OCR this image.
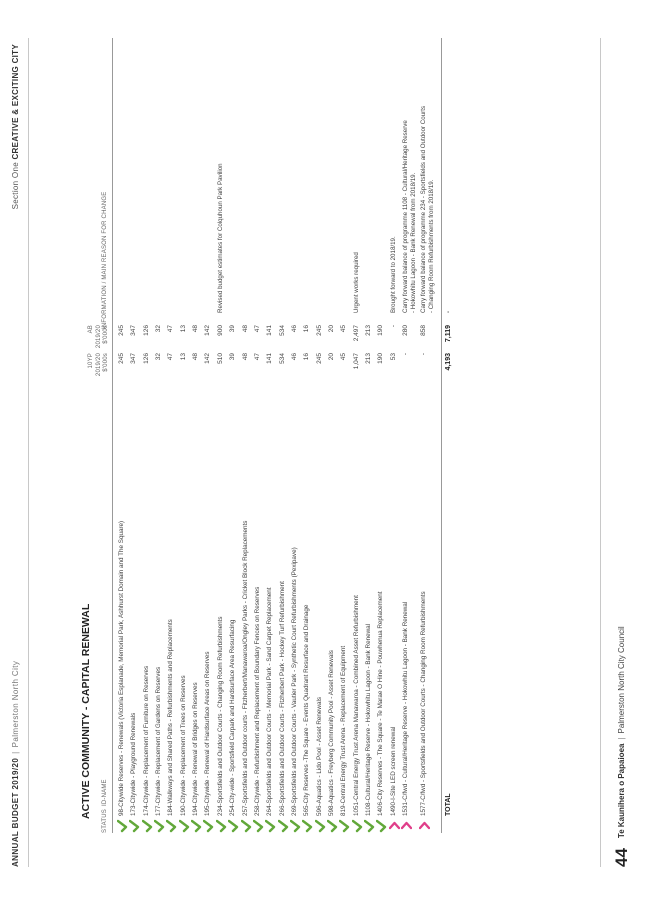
ANNUAL BUDGET 2019/20|Palmerston North City
Section One CREATIVE & EXCITING CITY
ACTIVE COMMUNITY - CAPITAL RENEWAL
STATUS
ID-NAME
10YP 2019/20 $'000s
AB 2019/20 $'000s
INFORMATION / MAIN REASON FOR CHANGE
98-Citywide Reserves - Renewals (Victoria Esplanade, Memorial Park, Ashhurst Domain and The Square)
245
245
173-Citywide - Playground Renewals
347
347
174-Citywide - Replacement of Furniture on Reserves
126
126
177-Citywide - Replacement of Gardens on Reserves
32
32
184-Walkways and Shared Paths - Refurbishments and Replacements
47
47
190-Citywide - Replacement of Trees on Reserves
13
13
194-Citywide - Renewal of Bridges on Reserves
48
48
195-Citywide - Renewal of Hardsurface Areas on Reserves
142
142
234-Sportsfields and Outdoor Courts - Changing Room Refurbishments
510
900
Revised budget estimates for Colquhoun Park Pavilion
254-City-wide - Sportsfield Carpark and Hardsurface Area Resurfacing
39
39
257-Sportsfields and Outdoor courts - Fitzherbert/Manawaroa/Ongley Parks - Cricket Block Replacements
48
48
258-Citywide - Refurbishment and Replacement of Boundary Fences on Reserves
47
47
264-Sportsfields and Outdoor Courts - Memorial Park - Sand Carpet Replacement
141
141
266-Sportsfields and Outdoor Courts - Fitzherbert Park - Hockey Turf Refurbishment
534
534
269-Sportsfields and Outdoor Courts - Vautier Park - Synthetic Court Refurbishments (Pexipave)
46
46
565-City Reserves -The Square - Events Quadrant Resurface and Drainage
16
16
596-Aquatics - Lido Pool - Asset Renewals
245
245
598-Aquatics - Freyberg Community Pool - Asset Renewals
20
20
819-Central Energy Trust Arena - Replacement of Equipment
45
45
1051-Central Energy Trust Arena Manawaroa - Combined Asset Refurbishment
1,047
2,497
Urgent works required
1108-Cultural/Heritage Reserve - Hokowhitu Lagoon - Bank Renewal
213
213
1406-City Reserves - The Square - Te Marae O Hine - Pouwhenua Replacement
190
190
1490-I-Site LED screen renewal
53
-
Brought forward to 2018/19.
1531-C/fwd - Cultural/Heritage Reserve - Hokowhitu Lagoon - Bank Renewal
-
280
Carry forward balance of programme 1108 - Cultural/Heritage Reserve - Hokowhitu Lagoon - Bank Renewal from 2018/19.
1577-C/fwd - Sportsfields and Outdoor Courts - Changing Room Refurbishments
-
858
Carry forward balance of programme 234 - Sportsfields and Outdoor Courts - Changing Room Refurbishments from 2018/19.
TOTAL
4,193
7,119
-
44Te Kaunihera o Papaioea|Palmerston North City Council
